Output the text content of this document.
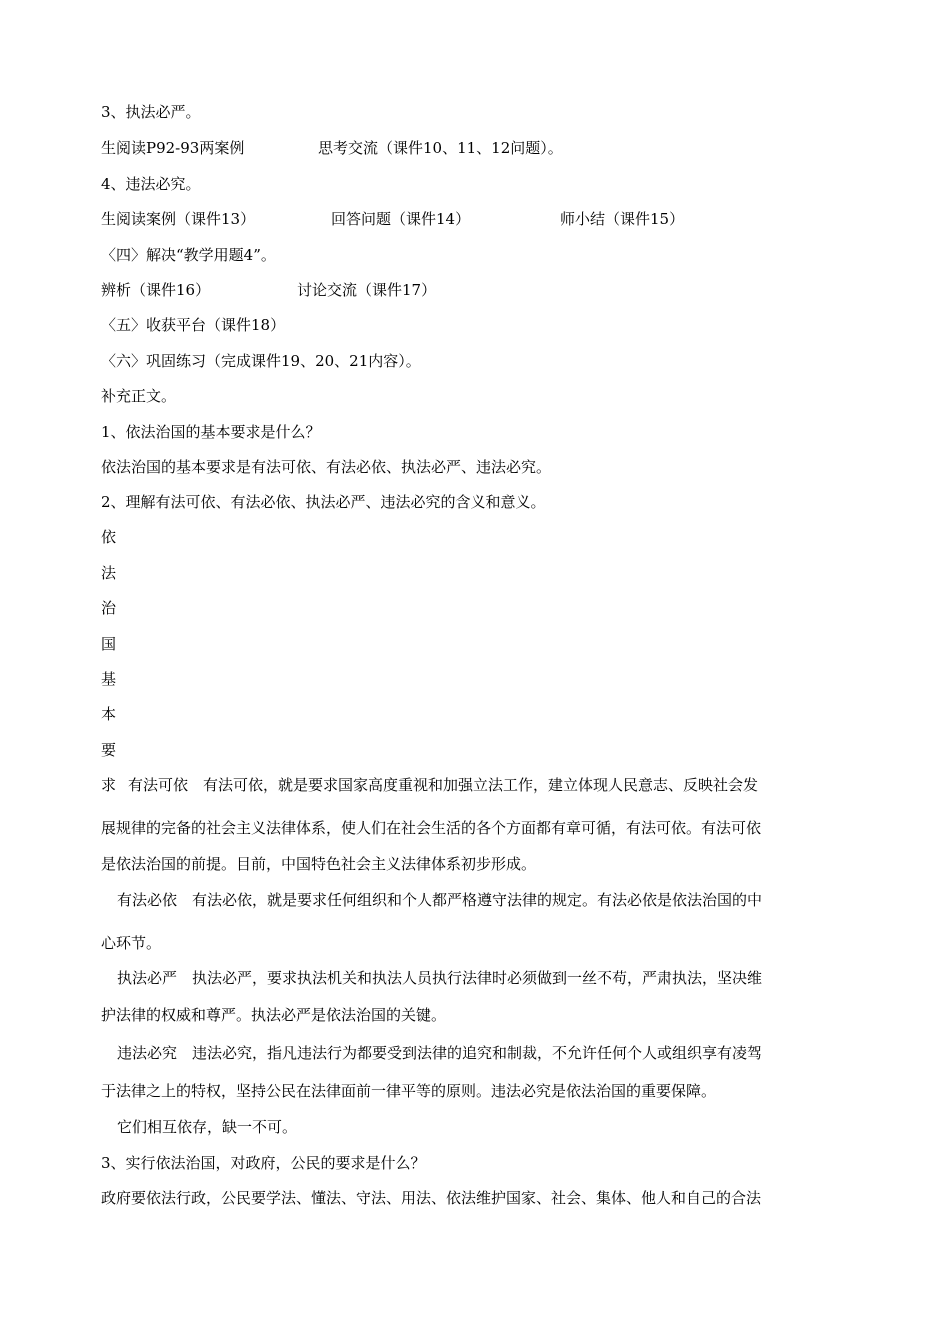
3、执法必严。
生阅读P92-93两案例	思考交流（课件10、11、12问题）。
4、违法必究。
生阅读案例（课件13）	回答问题（课件14）	师小结（课件15）
〈四〉解决“教学用题4”。
辨析（课件16）	讨论交流（课件17）
〈五〉收获平台（课件18）
〈六〉巩固练习（完成课件19、20、21内容）。
补充正文。
1、依法治国的基本要求是什么？
依法治国的基本要求是有法可依、有法必依、执法必严、违法必究。
2、理解有法可依、有法必依、执法必严、违法必究的含义和意义。
依
法
治
国
基
本
要
求 有法可依 有法可依，就是要求国家高度重视和加强立法工作，建立体现人民意志、反映社会发
展规律的完备的社会主义法律体系，使人们在社会生活的各个方面都有章可循，有法可依。有法可依
是依法治国的前提。目前，中国特色社会主义法律体系初步形成。
有法必依 有法必依，就是要求任何组织和个人都严格遵守法律的规定。有法必依是依法治国的中
心环节。
执法必严 执法必严，要求执法机关和执法人员执行法律时必须做到一丝不苟，严肃执法，坚决维
护法律的权威和尊严。执法必严是依法治国的关键。
违法必究 违法必究，指凡违法行为都要受到法律的追究和制裁，不允许任何个人或组织享有凌驾
于法律之上的特权，坚持公民在法律面前一律平等的原则。违法必究是依法治国的重要保障。
它们相互依存，缺一不可。
3、实行依法治国，对政府，公民的要求是什么？
政府要依法行政，公民要学法、懂法、守法、用法、依法维护国家、社会、集体、他人和自己的合法
